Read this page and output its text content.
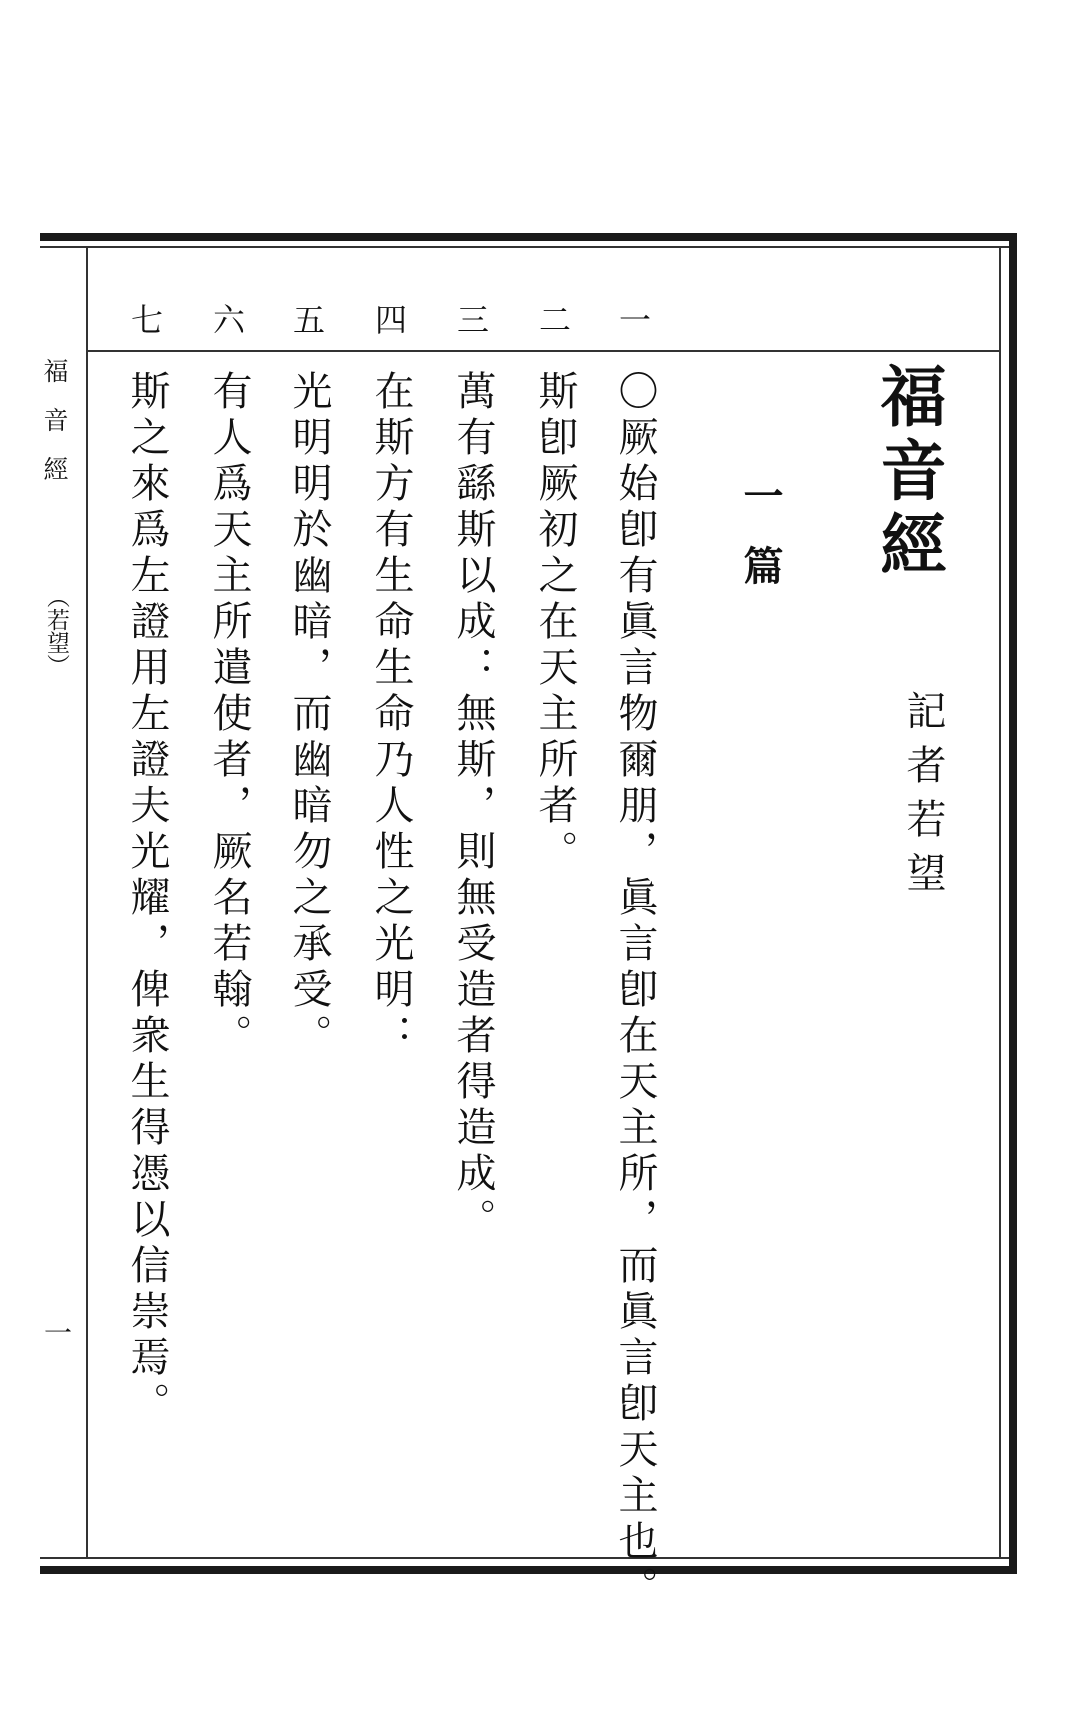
福音經
（若望）
一
一
二
三
四
五
六
七
福音經
記者若望
一篇
〇厥始卽有眞言物爾朋，眞言卽在天主所，而眞言卽天主也。
斯卽厥初之在天主所者。
萬有繇斯以成：無斯，則無受造者得造成。
在斯方有生命生命乃人性之光明：
光明明於幽暗，而幽暗勿之承受。
有人爲天主所遣使者，厥名若翰。
斯之來爲左證用左證夫光耀，俾衆生得憑以信崇焉。
